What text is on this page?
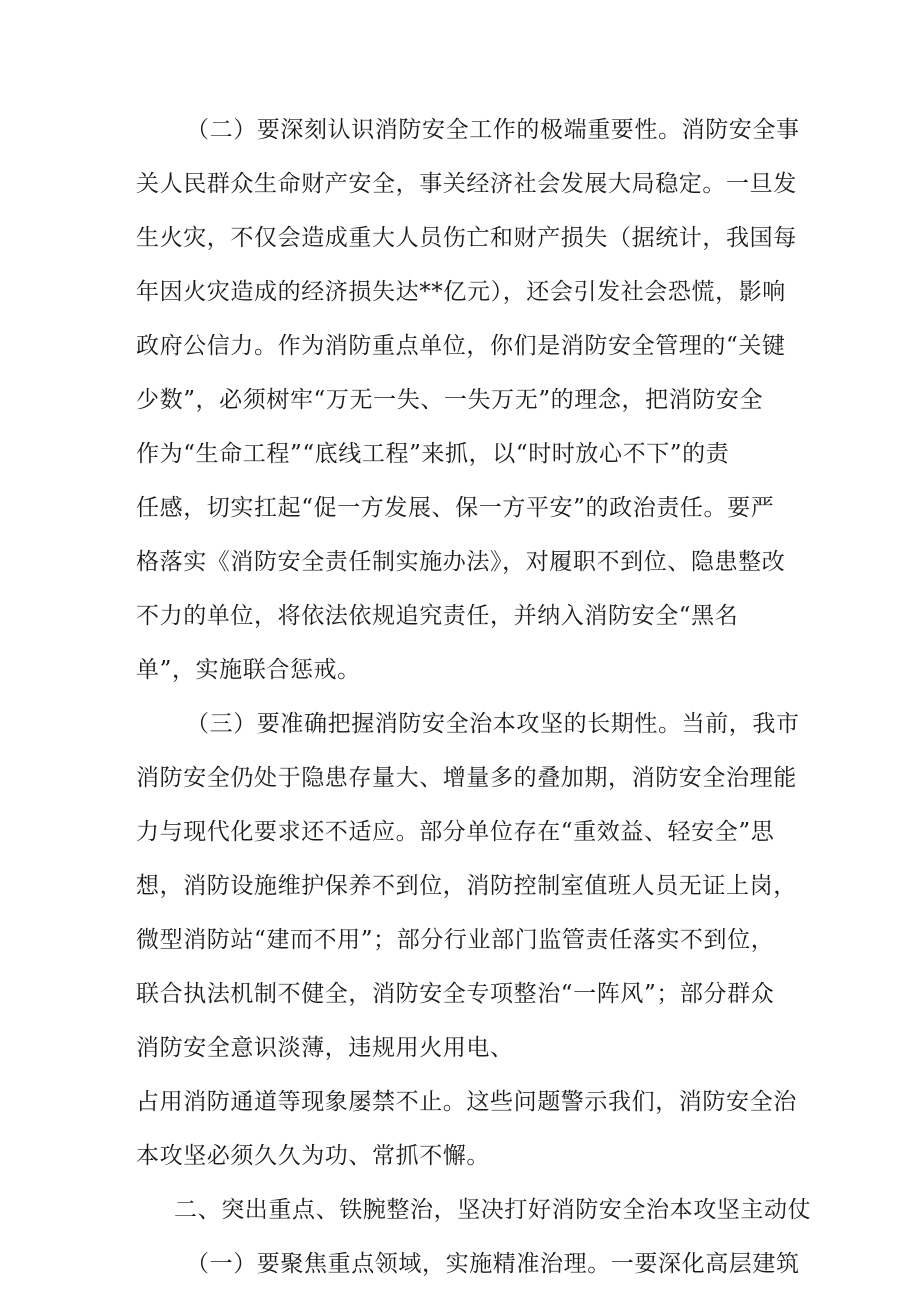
（二）要深刻认识消防安全工作的极端重要性。消防安全事

关人民群众生命财产安全，事关经济社会发展大局稳定。一旦发

生火灾，不仅会造成重大人员伤亡和财产损失（据统计，我国每

年因火灾造成的经济损失达**亿元），还会引发社会恐慌，影响

政府公信力。作为消防重点单位，你们是消防安全管理的“关键

少数”，必须树牢“万无一失、一失万无”的理念，把消防安全

作为“生命工程”“底线工程”来抓，以“时时放心不下”的责

任感，切实扛起“促一方发展、保一方平安”的政治责任。要严

格落实《消防安全责任制实施办法》，对履职不到位、隐患整改

不力的单位，将依法依规追究责任，并纳入消防安全“黑名

单”，实施联合惩戒。

（三）要准确把握消防安全治本攻坚的长期性。当前，我市

消防安全仍处于隐患存量大、增量多的叠加期，消防安全治理能

力与现代化要求还不适应。部分单位存在“重效益、轻安全”思

想，消防设施维护保养不到位，消防控制室值班人员无证上岗，

微型消防站“建而不用”；部分行业部门监管责任落实不到位，

联合执法机制不健全，消防安全专项整治“一阵风”；部分群众

消防安全意识淡薄，违规用火用电、

占用消防通道等现象屡禁不止。这些问题警示我们，消防安全治

本攻坚必须久久为功、常抓不懈。

二、突出重点、铁腕整治，坚决打好消防安全治本攻坚主动仗

（一）要聚焦重点领域，实施精准治理。一要深化高层建筑
